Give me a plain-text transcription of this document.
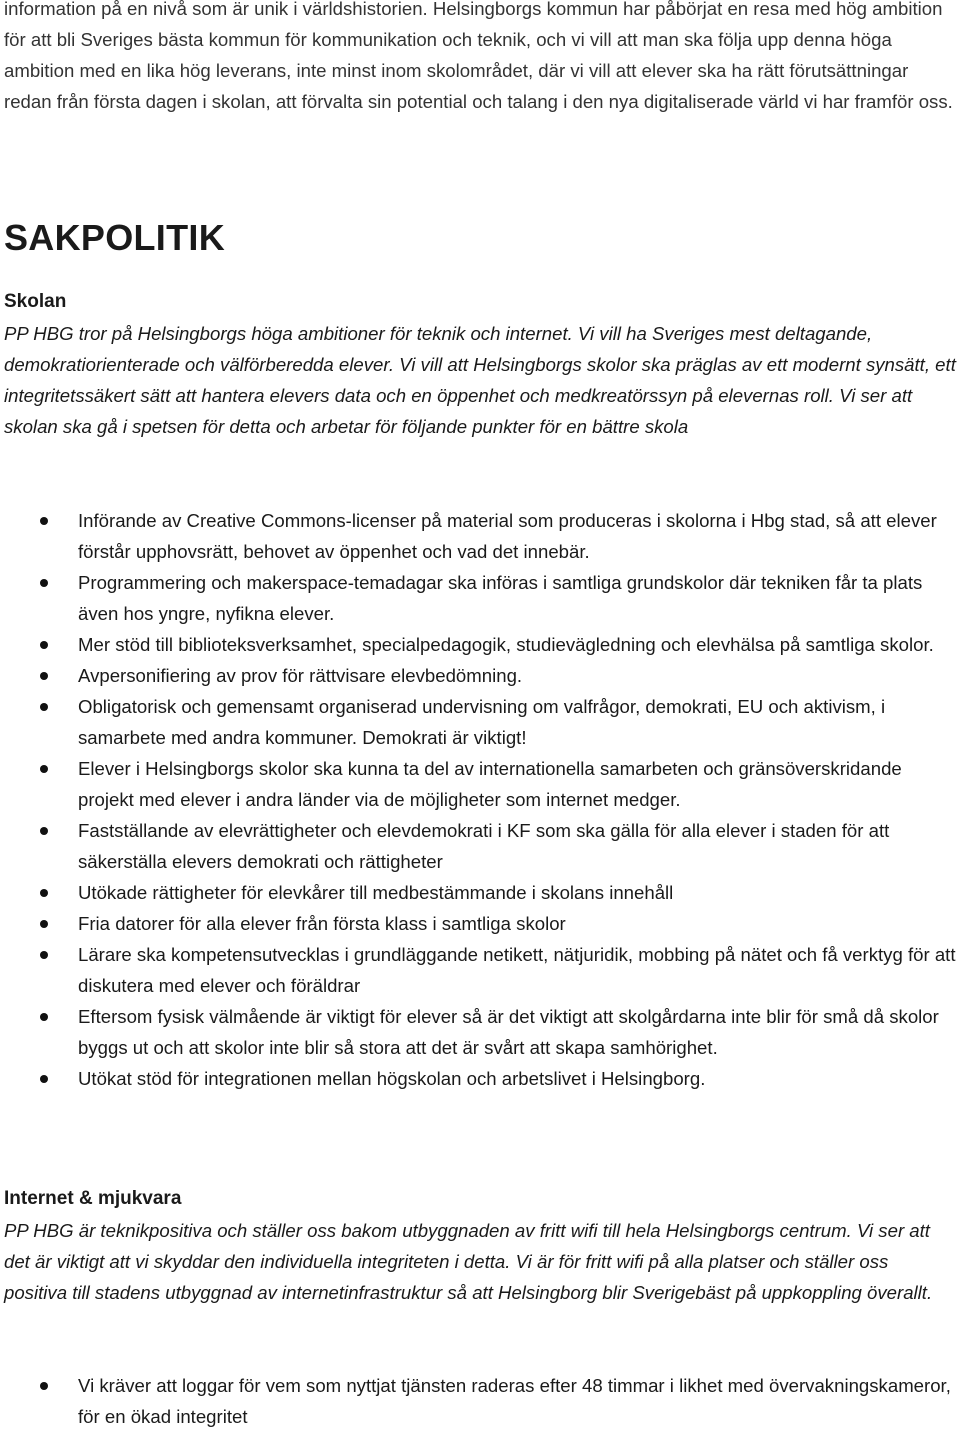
information på en nivå som är unik i världshistorien. Helsingborgs kommun har påbörjat en resa med hög ambition för att bli Sveriges bästa kommun för kommunikation och teknik, och vi vill att man ska följa upp denna höga ambition med en lika hög leverans, inte minst inom skolområdet, där vi vill att elever ska ha rätt förutsättningar redan från första dagen i skolan, att förvalta sin potential och talang i den nya digitaliserade värld vi har framför oss.

SAKPOLITIK
Skolan

PP HBG tror på Helsingborgs höga ambitioner för teknik och internet. Vi vill ha Sveriges mest deltagande, demokratiorienterade och välförberedda elever. Vi vill att Helsingborgs skolor ska präglas av ett modernt synsätt, ett integritetssäkert sätt att hantera elevers data och en öppenhet och medkreatörssyn på elevernas roll. Vi ser att skolan ska gå i spetsen för detta och arbetar för följande punkter för en bättre skola

Införande av Creative Commons-licenser på material som produceras i skolorna i Hbg stad, så att elever förstår upphovsrätt, behovet av öppenhet och vad det innebär.
Programmering och makerspace-temadagar ska införas i samtliga grundskolor där tekniken får ta plats även hos yngre, nyfikna elever.
Mer stöd till biblioteksverksamhet, specialpedagogik, studievägledning och elevhälsa på samtliga skolor.
Avpersonifiering av prov för rättvisare elevbedömning.
Obligatorisk och gemensamt organiserad undervisning om valfrågor, demokrati, EU och aktivism, i samarbete med andra kommuner. Demokrati är viktigt!
Elever i Helsingborgs skolor ska kunna ta del av internationella samarbeten och gränsöverskridande projekt med elever i andra länder via de möjligheter som internet medger.
Fastställande av elevrättigheter och elevdemokrati i KF som ska gälla för alla elever i staden för att säkerställa elevers demokrati och rättigheter
Utökade rättigheter för elevkårer till medbestämmande i skolans innehåll
Fria datorer för alla elever från första klass i samtliga skolor
Lärare ska kompetensutvecklas i grundläggande netikett, nätjuridik, mobbing på nätet och få verktyg för att diskutera med elever och föräldrar
Eftersom fysisk välmående är viktigt för elever så är det viktigt att skolgårdarna inte blir för små då skolor byggs ut och att skolor inte blir så stora att det är svårt att skapa samhörighet.
Utökat stöd för integrationen mellan högskolan och arbetslivet i Helsingborg.
Internet & mjukvara

PP HBG är teknikpositiva och ställer oss bakom utbyggnaden av fritt wifi till hela Helsingborgs centrum. Vi ser att det är viktigt att vi skyddar den individuella integriteten i detta. Vi är för fritt wifi på alla platser och ställer oss positiva till stadens utbyggnad av internetinfrastruktur så att Helsingborg blir Sverigebäst på uppkoppling överallt.

Vi kräver att loggar för vem som nyttjat tjänsten raderas efter 48 timmar i likhet med övervakningskameror, för en ökad integritet
